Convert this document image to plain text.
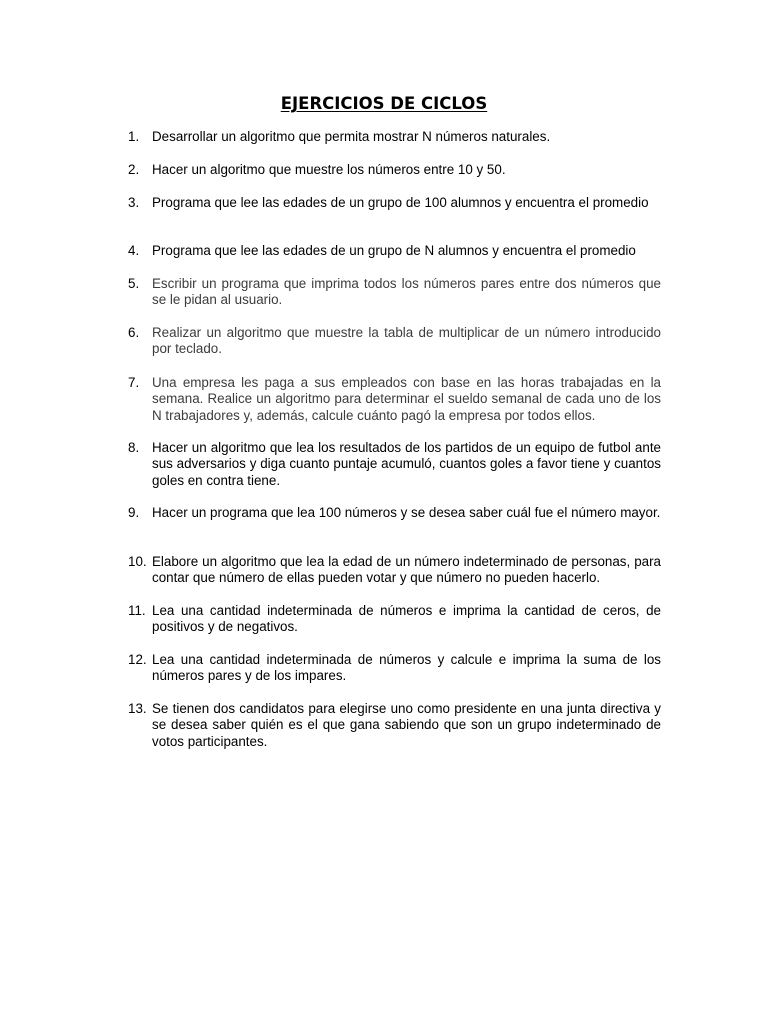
EJERCICIOS DE CICLOS
1. Desarrollar un algoritmo que permita mostrar N números naturales.
2. Hacer un algoritmo que muestre los números entre 10 y 50.
3. Programa que lee las edades de un grupo de 100 alumnos y encuentra el promedio
4. Programa que lee las edades de un grupo de N alumnos y encuentra el promedio
5. Escribir un programa que imprima todos los números pares entre dos números que se le pidan al usuario.
6. Realizar un algoritmo que muestre la tabla de multiplicar de un número introducido por teclado.
7. Una empresa les paga a sus empleados con base en las horas trabajadas en la semana. Realice un algoritmo para determinar el sueldo semanal de cada uno de los N trabajadores y, además, calcule cuánto pagó la empresa por todos ellos.
8. Hacer un algoritmo que lea los resultados de los partidos de un equipo de futbol ante sus adversarios y diga cuanto puntaje acumuló, cuantos goles a favor tiene y cuantos goles en contra tiene.
9. Hacer un programa que lea 100 números y se desea saber cuál fue el número mayor.
10. Elabore un algoritmo que lea la edad de un número indeterminado de personas, para contar que número de ellas pueden votar y que número no pueden hacerlo.
11. Lea una cantidad indeterminada de números e imprima la cantidad de ceros, de positivos y de negativos.
12. Lea una cantidad indeterminada de números y calcule e imprima la suma de los números pares y de los impares.
13. Se tienen dos candidatos para elegirse uno como presidente en una junta directiva y se desea saber quién es el que gana sabiendo que son un grupo indeterminado de votos participantes.
